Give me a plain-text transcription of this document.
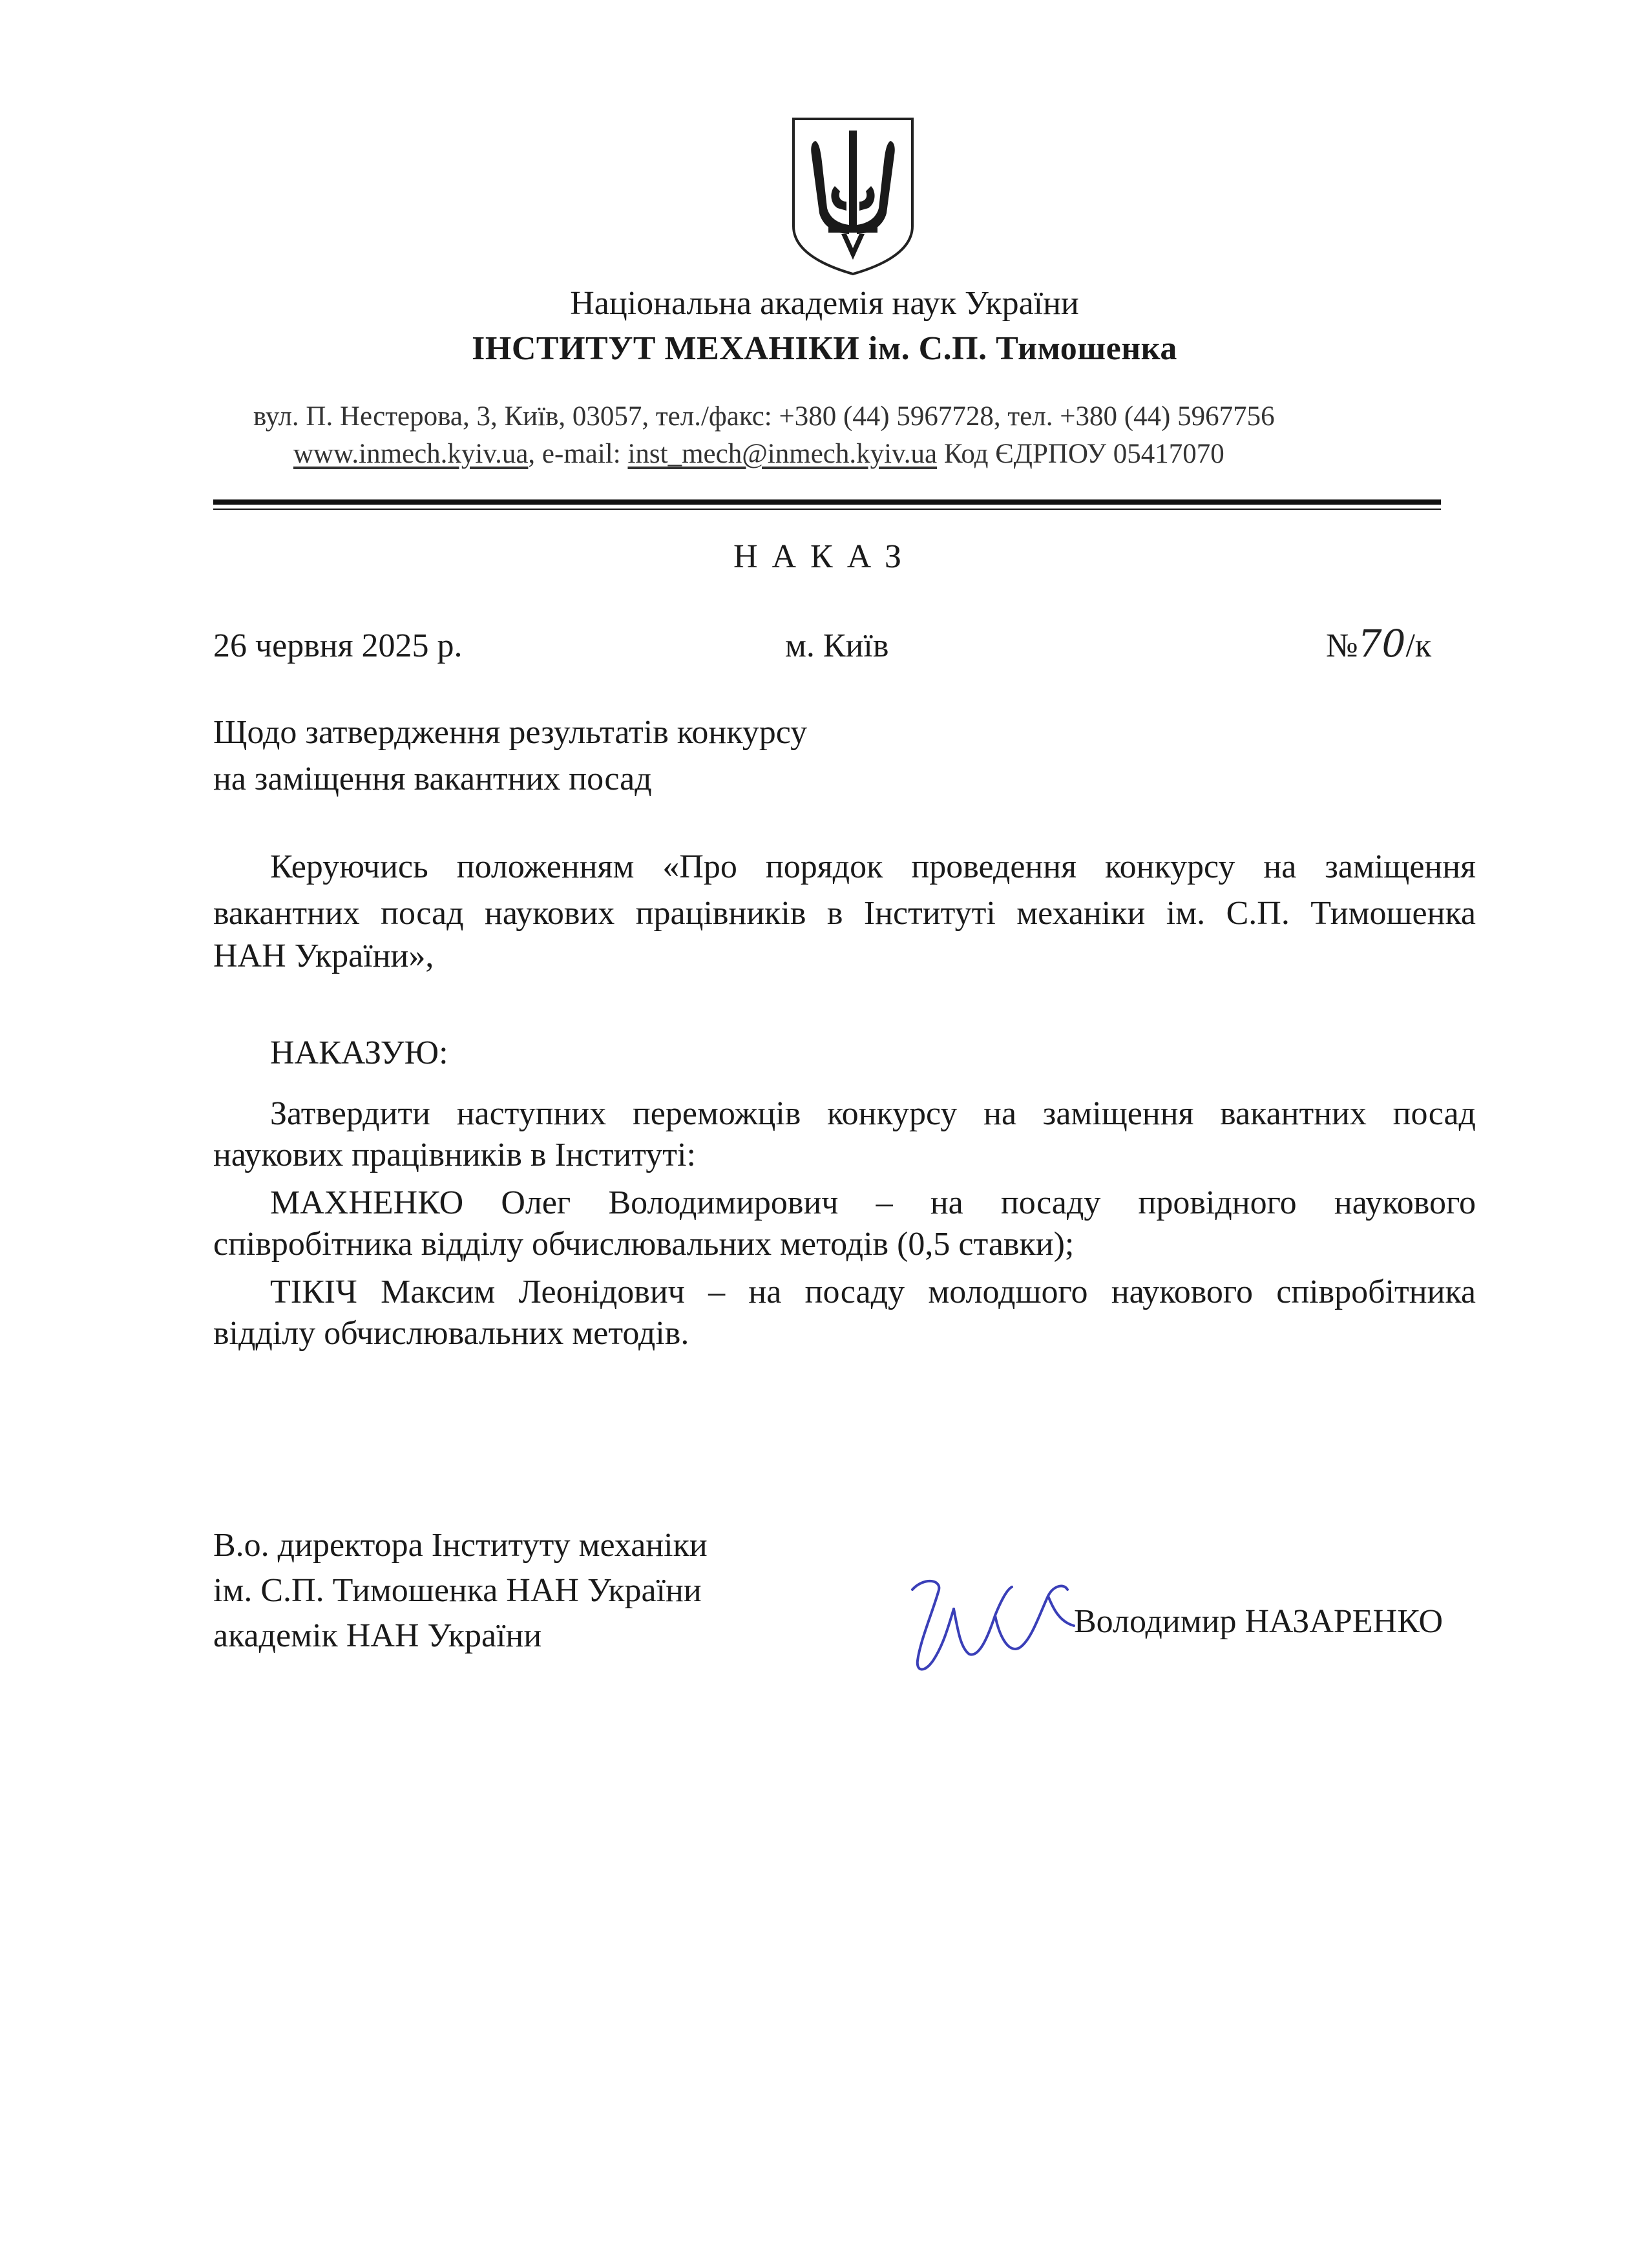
Національна академія наук України
ІНСТИТУТ МЕХАНІКИ ім. С.П. Тимошенка
вул. П. Нестерова, 3, Київ, 03057, тел./факс: +380 (44) 5967728, тел. +380 (44) 5967756
www.inmech.kyiv.ua, e-mail: inst_mech@inmech.kyiv.ua Код ЄДРПОУ 05417070
НАКАЗ
26 червня 2025 р.	м. Київ	№70/к
Щодо затвердження результатів конкурсу
на заміщення вакантних посад
Керуючись положенням «Про порядок проведення конкурсу на заміщення
вакантних посад наукових працівників в Інституті механіки ім. С.П. Тимошенка
НАН України»,
НАКАЗУЮ:
Затвердити наступних переможців конкурсу на заміщення вакантних посад
наукових працівників в Інституті:
МАХНЕНКО Олег Володимирович – на посаду провідного наукового
співробітника відділу обчислювальних методів (0,5 ставки);
ТІКІЧ Максим Леонідович – на посаду молодшого наукового співробітника
відділу обчислювальних методів.
В.о. директора Інституту механіки
ім. С.П. Тимошенка НАН України
академік НАН України	Володимир НАЗАРЕНКО
